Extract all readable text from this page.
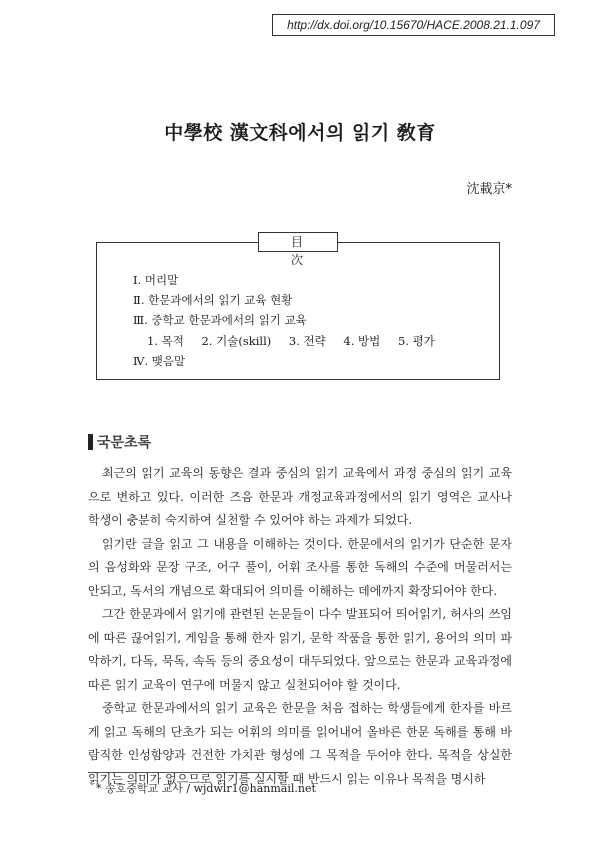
http://dx.doi.org/10.15670/HACE.2008.21.1.097
中學校 漢文科에서의 읽기 敎育
沈載京*
目 次
Ⅰ. 머리말
Ⅱ. 한문과에서의 읽기 교육 현황
Ⅲ. 중학교 한문과에서의 읽기 교육
1. 목적 2. 기술(skill) 3. 전략 4. 방법 5. 평가
Ⅳ. 맺음말
국문초록

최근의 읽기 교육의 동향은 결과 중심의 읽기 교육에서 과정 중심의 읽기 교육으로 변하고 있다. 이러한 즈음 한문과 개정교육과정에서의 읽기 영역은 교사나 학생이 충분히 숙지하여 실천할 수 있어야 하는 과제가 되었다.

읽기란 글을 읽고 그 내용을 이해하는 것이다. 한문에서의 읽기가 단순한 문자의 음성화와 문장 구조, 어구 풀이, 어휘 조사를 통한 독해의 수준에 머물러서는 안되고, 독서의 개념으로 확대되어 의미를 이해하는 데에까지 확장되어야 한다.

그간 한문과에서 읽기에 관련된 논문들이 다수 발표되어 띄어읽기, 허사의 쓰임에 따른 끊어읽기, 게임을 통해 한자 읽기, 문학 작품을 통한 읽기, 용어의 의미 파악하기, 다독, 묵독, 속독 등의 중요성이 대두되었다. 앞으로는 한문과 교육과정에 따른 읽기 교육이 연구에 머물지 않고 실천되어야 할 것이다.

중학교 한문과에서의 읽기 교육은 한문을 처음 접하는 학생들에게 한자를 바르게 읽고 독해의 단초가 되는 어휘의 의미를 읽어내어 올바른 한문 독해를 통해 바람직한 인성함양과 건전한 가치관 형성에 그 목적을 두어야 한다. 목적을 상실한 읽기는 의미가 없으므로 읽기를 실시할 때 반드시 읽는 이유나 목적을 명시하

* 송호중학교 교사 / wjdwlr1@hanmail.net
